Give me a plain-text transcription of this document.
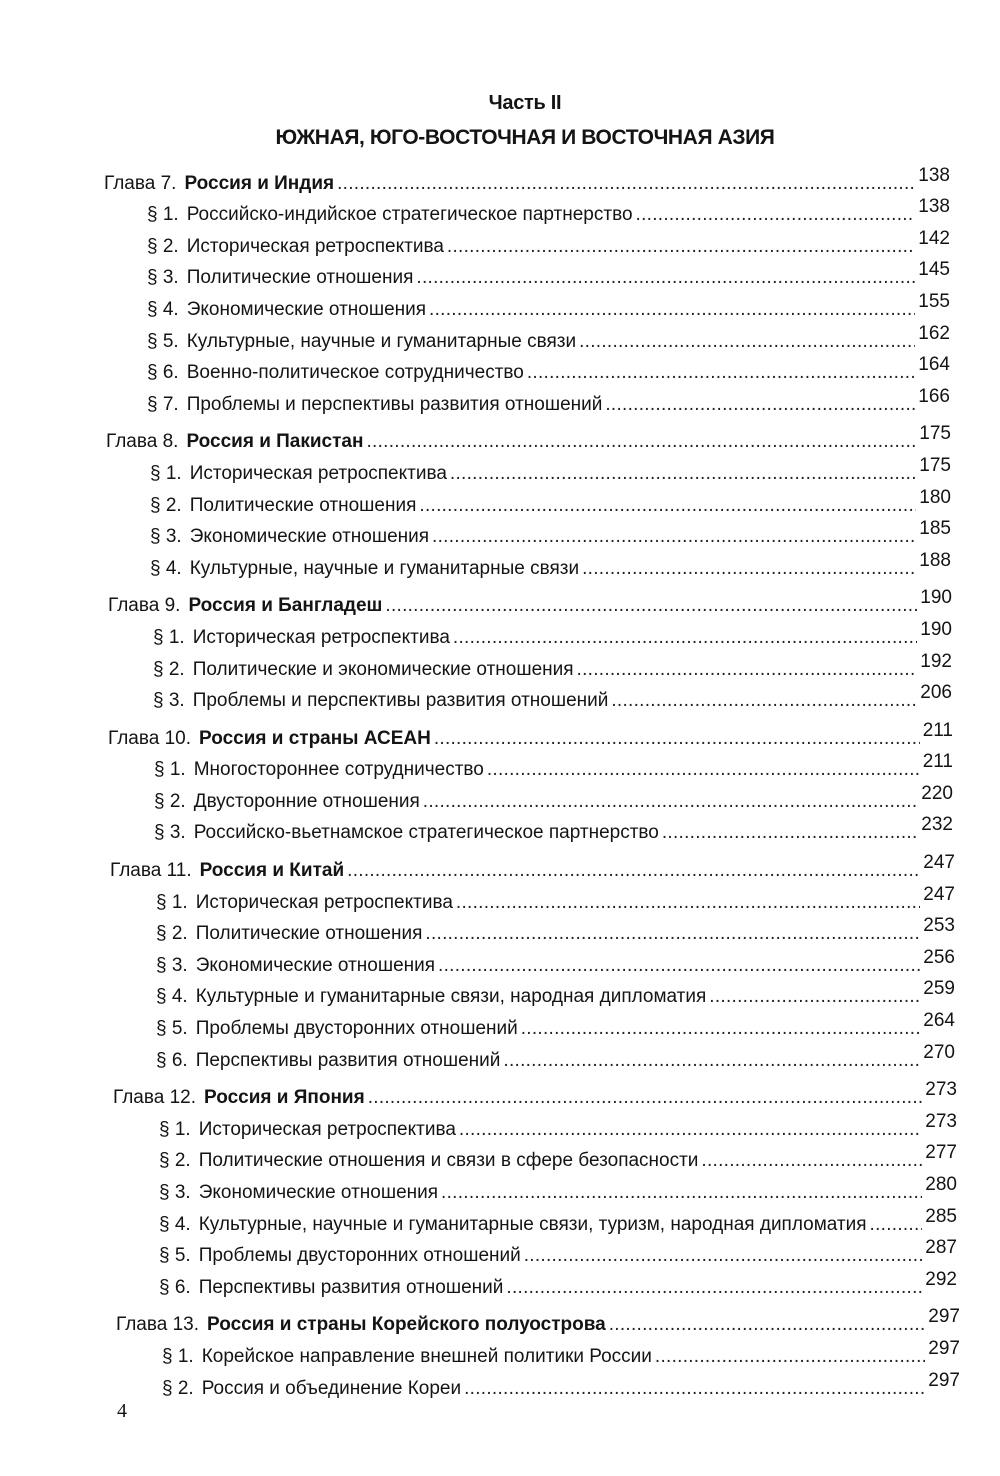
Часть II
ЮЖНАЯ, ЮГО-ВОСТОЧНАЯ И ВОСТОЧНАЯ АЗИЯ
Глава 7. Россия и Индия . . .	138
§ 1. Российско-индийское стратегическое партнерство . . .	138
§ 2. Историческая ретроспектива . . .	142
§ 3. Политические отношения . . .	145
§ 4. Экономические отношения . . .	155
§ 5. Культурные, научные и гуманитарные связи . . .	162
§ 6. Военно-политическое сотрудничество . . .	164
§ 7. Проблемы и перспективы развития отношений . . .	166
Глава 8. Россия и Пакистан . . .	175
§ 1. Историческая ретроспектива . . .	175
§ 2. Политические отношения . . .	180
§ 3. Экономические отношения . . .	185
§ 4. Культурные, научные и гуманитарные связи . . .	188
Глава 9. Россия и Бангладеш . . .	190
§ 1. Историческая ретроспектива . . .	190
§ 2. Политические и экономические отношения . . .	192
§ 3. Проблемы и перспективы развития отношений . . .	206
Глава 10. Россия и страны АСЕАН . . .	211
§ 1. Многостороннее сотрудничество . . .	211
§ 2. Двусторонние отношения . . .	220
§ 3. Российско-вьетнамское стратегическое партнерство . . .	232
Глава 11. Россия и Китай . . .	247
§ 1. Историческая ретроспектива . . .	247
§ 2. Политические отношения . . .	253
§ 3. Экономические отношения . . .	256
§ 4. Культурные и гуманитарные связи, народная дипломатия . . .	259
§ 5. Проблемы двусторонних отношений . . .	264
§ 6. Перспективы развития отношений . . .	270
Глава 12. Россия и Япония . . .	273
§ 1. Историческая ретроспектива . . .	273
§ 2. Политические отношения и связи в сфере безопасности . . .	277
§ 3. Экономические отношения . . .	280
§ 4. Культурные, научные и гуманитарные связи, туризм, народная дипломатия . . .	285
§ 5. Проблемы двусторонних отношений . . .	287
§ 6. Перспективы развития отношений . . .	292
Глава 13. Россия и страны Корейского полуострова . . .	297
§ 1. Корейское направление внешней политики России . . .	297
§ 2. Россия и объединение Кореи . . .	297
4
